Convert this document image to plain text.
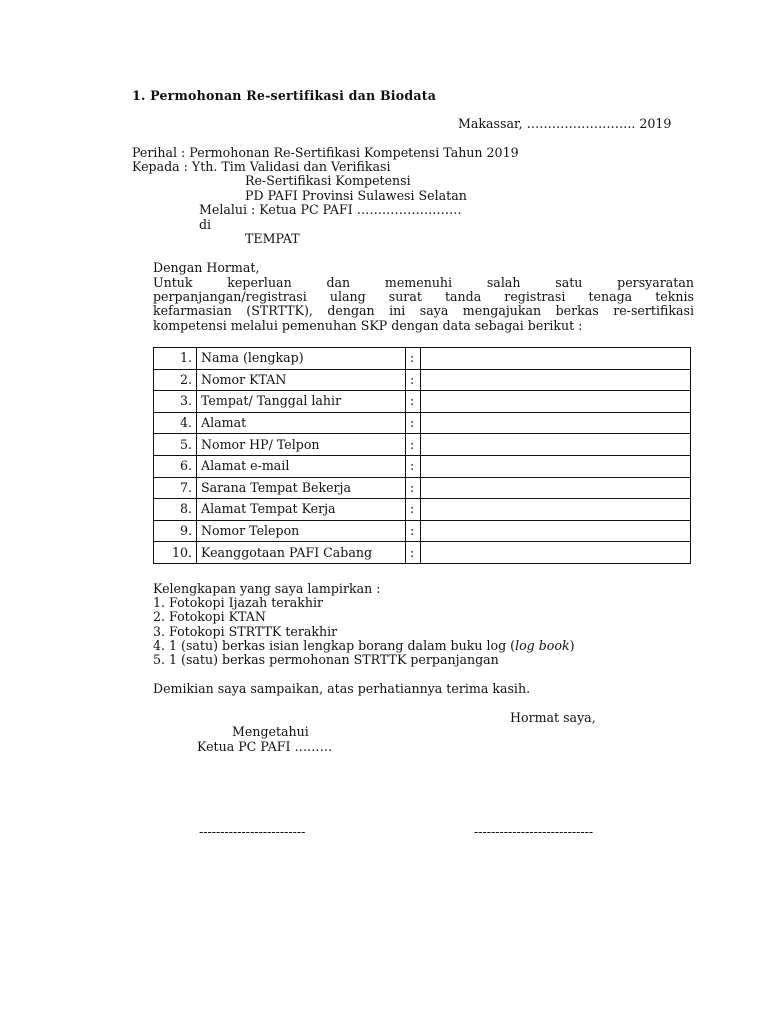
1. Permohonan Re-sertifikasi dan Biodata
Makassar, …………………….. 2019
Perihal : Permohonan Re-Sertifikasi Kompetensi Tahun 2019
Kepada : Yth. Tim Validasi dan Verifikasi
Re-Sertifikasi Kompetensi
PD PAFI Provinsi Sulawesi Selatan
Melalui : Ketua PC PAFI …………………….
di
TEMPAT
Dengan Hormat,
Untuk keperluan dan memenuhi salah satu persyaratan
perpanjangan/registrasi ulang surat tanda registrasi tenaga teknis
kefarmasian (STRTTK), dengan ini saya mengajukan berkas re-sertifikasi
kompetensi melalui pemenuhan SKP dengan data sebagai berikut :
1.	Nama (lengkap)	:	
2.	Nomor KTAN	:	
3.	Tempat/ Tanggal lahir	:	
4.	Alamat	:	
5.	Nomor HP/ Telpon	:	
6.	Alamat e-mail	:	
7.	Sarana Tempat Bekerja	:	
8.	Alamat Tempat Kerja	:	
9.	Nomor Telepon	:	
10.	Keanggotaan PAFI Cabang	:	
Kelengkapan yang saya lampirkan :
1. Fotokopi Ijazah terakhir
2. Fotokopi KTAN
3. Fotokopi STRTTK terakhir
4. 1 (satu) berkas isian lengkap borang dalam buku log (log book)
5. 1 (satu) berkas permohonan STRTTK perpanjangan
Demikian saya sampaikan, atas perhatiannya terima kasih.
Hormat saya,
Mengetahui
Ketua PC PAFI ………
-------------------------	----------------------------
